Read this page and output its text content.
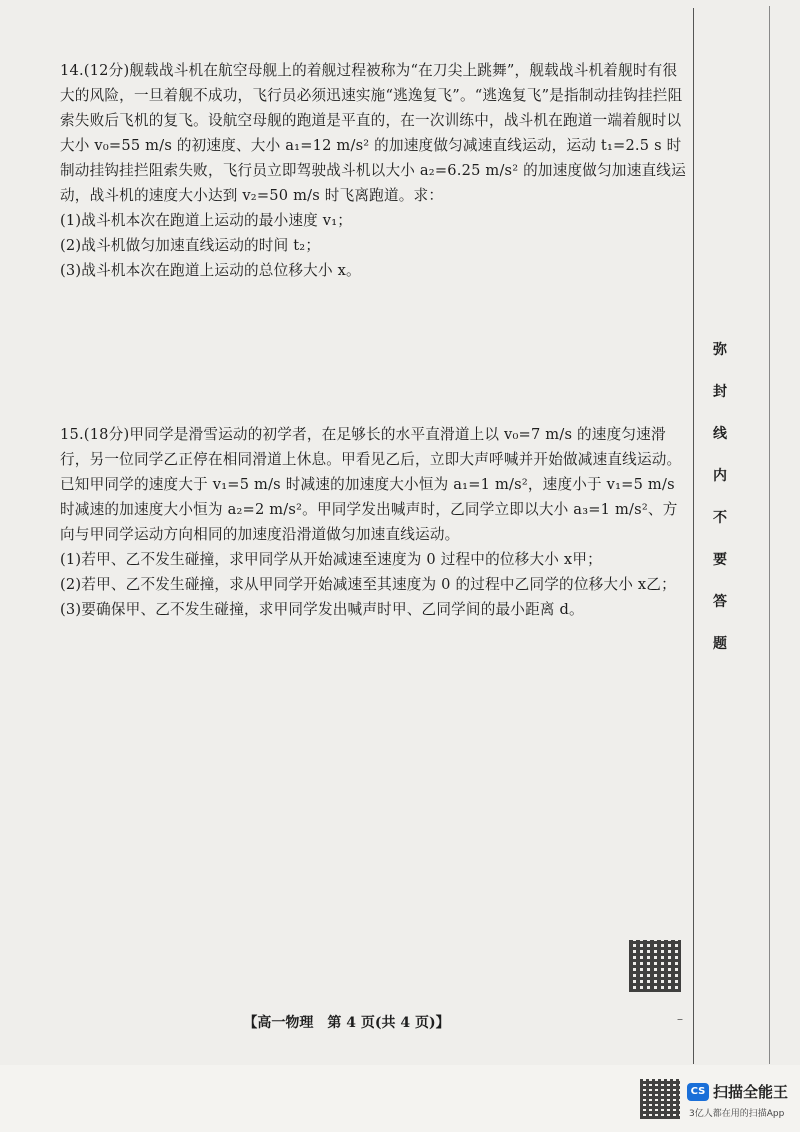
弥
封
线
内
不
要
答
题

14.(12分)舰载战斗机在航空母舰上的着舰过程被称为“在刀尖上跳舞”，舰载战斗机着舰时有很大的风险，一旦着舰不成功，飞行员必须迅速实施“逃逸复飞”。“逃逸复飞”是指制动挂钩挂拦阻索失败后飞机的复飞。设航空母舰的跑道是平直的，在一次训练中，战斗机在跑道一端着舰时以大小 v₀=55 m/s 的初速度、大小 a₁=12 m/s² 的加速度做匀减速直线运动，运动 t₁=2.5 s 时制动挂钩挂拦阻索失败，飞行员立即驾驶战斗机以大小 a₂=6.25 m/s² 的加速度做匀加速直线运动，战斗机的速度大小达到 v₂=50 m/s 时飞离跑道。求：

(1)战斗机本次在跑道上运动的最小速度 v₁；

(2)战斗机做匀加速直线运动的时间 t₂；

(3)战斗机本次在跑道上运动的总位移大小 x。

15.(18分)甲同学是滑雪运动的初学者，在足够长的水平直滑道上以 v₀=7 m/s 的速度匀速滑行，另一位同学乙正停在相同滑道上休息。甲看见乙后，立即大声呼喊并开始做减速直线运动。已知甲同学的速度大于 v₁=5 m/s 时减速的加速度大小恒为 a₁=1 m/s²，速度小于 v₁=5 m/s 时减速的加速度大小恒为 a₂=2 m/s²。甲同学发出喊声时，乙同学立即以大小 a₃=1 m/s²、方向与甲同学运动方向相同的加速度沿滑道做匀加速直线运动。

(1)若甲、乙不发生碰撞，求甲同学从开始减速至速度为 0 过程中的位移大小 x甲；

(2)若甲、乙不发生碰撞，求从甲同学开始减速至其速度为 0 的过程中乙同学的位移大小 x乙；

(3)要确保甲、乙不发生碰撞，求甲同学发出喊声时甲、乙同学间的最小距离 d。

【高一物理　第 4 页(共 4 页)】	–
CS 扫描全能王
3亿人都在用的扫描App
